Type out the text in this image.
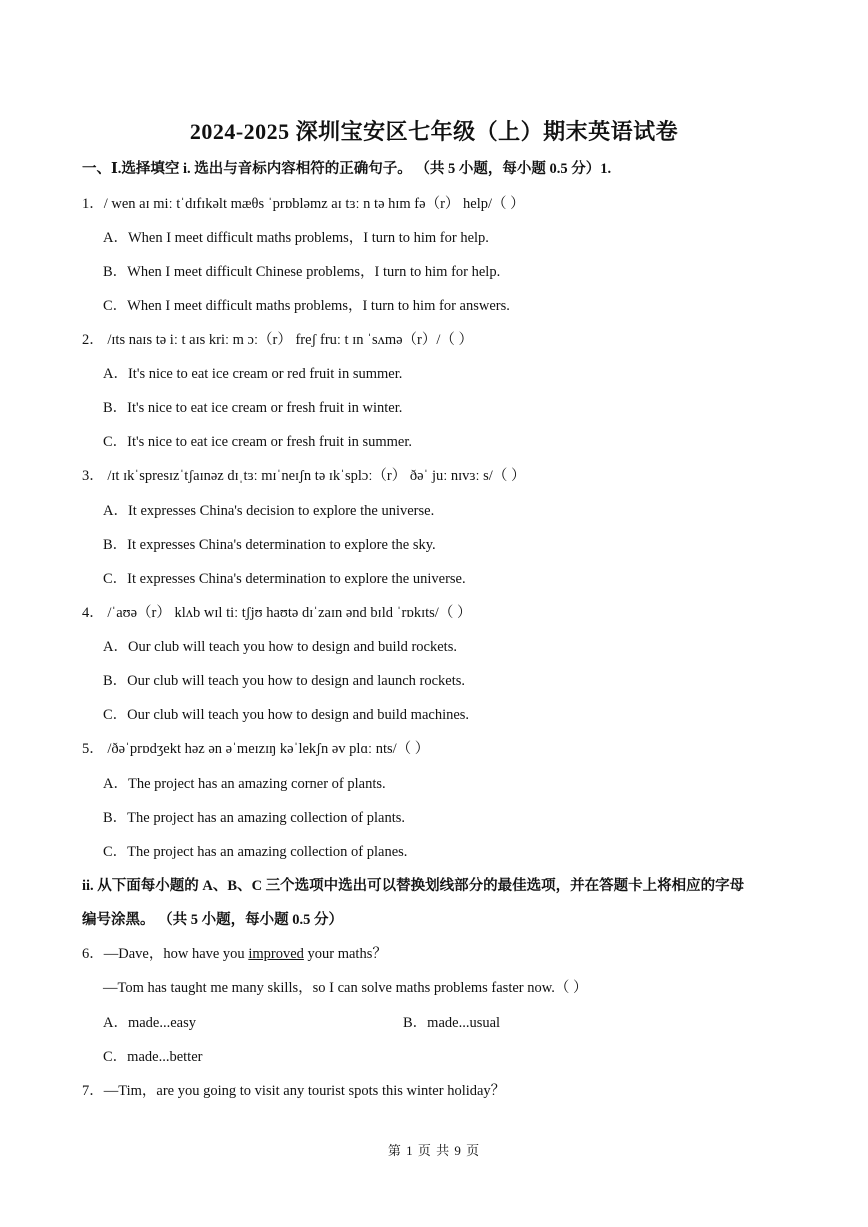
2024-2025 深圳宝安区七年级（上）期末英语试卷
一、Ⅰ.选择填空 i. 选出与音标内容相符的正确句子。 （共 5 小题，每小题 0.5 分）1.
1．/ wen aɪ miː tˈdɪfɪkəlt mæθs ˈprɒbləmz aɪ tɜː n tə hɪm fə（r） help/（ ）
A．When I meet difficult maths problems，I turn to him for help.
B．When I meet difficult Chinese problems，I turn to him for help.
C．When I meet difficult maths problems，I turn to him for answers.
2． /ɪts naɪs tə iː t aɪs kriː m ɔː（r） freʃ fruː t ɪn ˈsʌmə（r）/（ ）
A．It's nice to eat ice cream or red fruit in summer.
B．It's nice to eat ice cream or fresh fruit in winter.
C．It's nice to eat ice cream or fresh fruit in summer.
3． /ɪt ɪkˈspresɪzˈtʃaɪnəz dɪˌtɜː mɪˈneɪʃn tə ɪkˈsplɔː（r） ðəˈ juː nɪvɜː s/（ ）
A．It expresses China's decision to explore the universe.
B．It expresses China's determination to explore the sky.
C．It expresses China's determination to explore the universe.
4． /ˈaʊə（r） klʌb wɪl tiː tʃjʊ haʊtə dɪˈzaɪn ənd bɪld ˈrɒkɪts/（ ）
A．Our club will teach you how to design and build rockets.
B．Our club will teach you how to design and launch rockets.
C．Our club will teach you how to design and build machines.
5． /ðəˈprɒdʒekt həz ən əˈmeɪzɪŋ kəˈlekʃn əv plɑː nts/（ ）
A．The project has an amazing corner of plants.
B．The project has an amazing collection of plants.
C．The project has an amazing collection of planes.
ii. 从下面每小题的 A、B、C 三个选项中选出可以替换划线部分的最佳选项，并在答题卡上将相应的字母
编号涂黑。 （共 5 小题，每小题 0.5 分）
6．—Dave，how have you improved your maths？
—Tom has taught me many skills，so I can solve maths problems faster now.（ ）
A．made...easy	B．made...usual
C．made...better
7．—Tim，are you going to visit any tourist spots this winter holiday？
第 1 页 共 9 页
